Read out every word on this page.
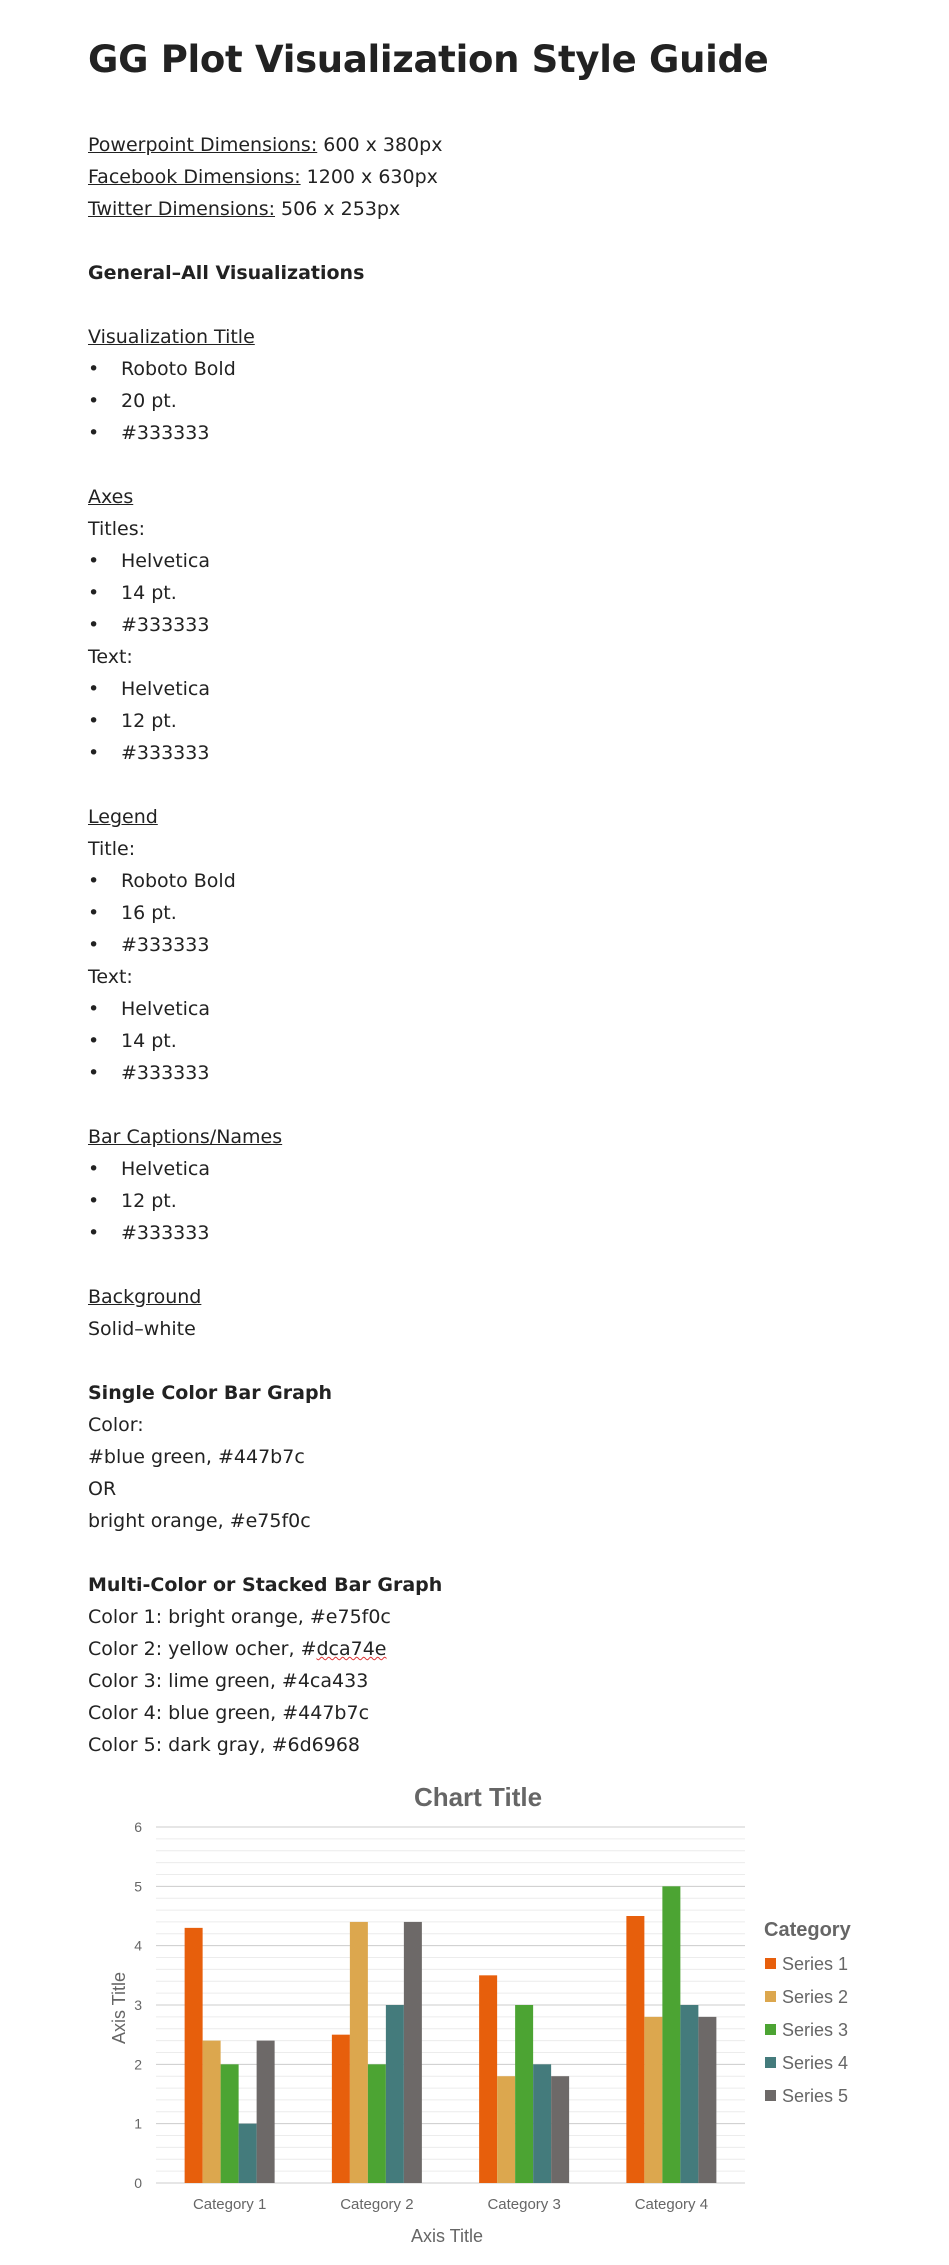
GG Plot Visualization Style Guide
Powerpoint Dimensions: 600 x 380px
Facebook Dimensions: 1200 x 630px
Twitter Dimensions: 506 x 253px
General–All Visualizations
Visualization Title
• Roboto Bold
• 20 pt.
• #333333
Axes
Titles:
• Helvetica
• 14 pt.
• #333333
Text:
• Helvetica
• 12 pt.
• #333333
Legend
Title:
• Roboto Bold
• 16 pt.
• #333333
Text:
• Helvetica
• 14 pt.
• #333333
Bar Captions/Names
• Helvetica
• 12 pt.
• #333333
Background
Solid–white
Single Color Bar Graph
Color:
#blue green, #447b7c
OR
bright orange, #e75f0c
Multi-Color or Stacked Bar Graph
Color 1: bright orange, #e75f0c
Color 2: yellow ocher, #dca74e
Color 3: lime green, #4ca433
Color 4: blue green, #447b7c
Color 5: dark gray, #6d6968
Chart Title
0
1
2
3
4
5
6
Category 1	Category 2	Category 3	Category 4
Axis Title
Axis Title
Category
Series 1
Series 2
Series 3
Series 4
Series 5
